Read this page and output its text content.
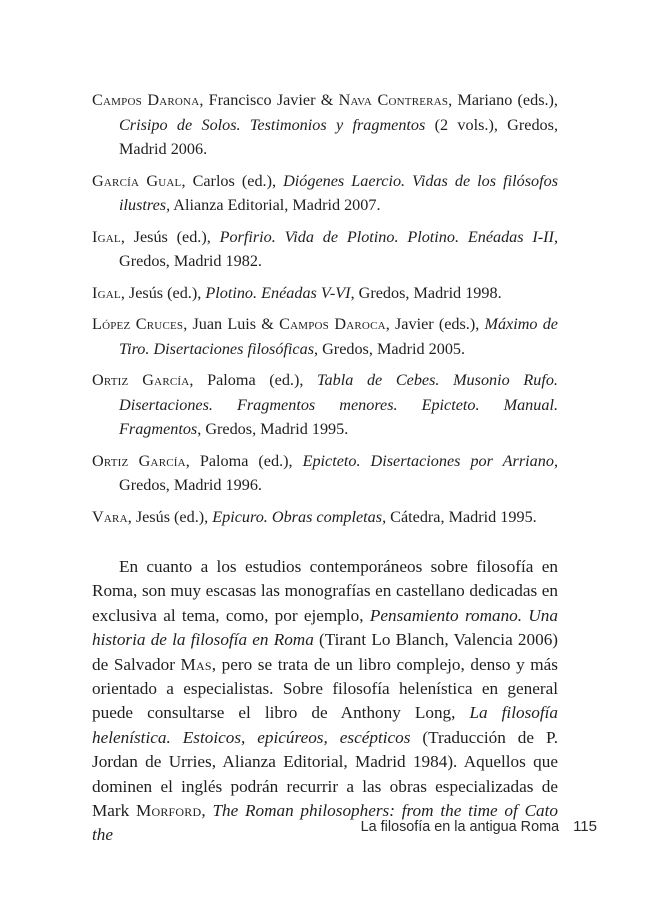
Campos Darona, Francisco Javier & Nava Contreras, Mariano (eds.), Crisipo de Solos. Testimonios y fragmentos (2 vols.), Gredos, Madrid 2006.
García Gual, Carlos (ed.), Diógenes Laercio. Vidas de los filósofos ilustres, Alianza Editorial, Madrid 2007.
Igal, Jesús (ed.), Porfirio. Vida de Plotino. Plotino. Enéadas I-II, Gredos, Madrid 1982.
Igal, Jesús (ed.), Plotino. Enéadas V-VI, Gredos, Madrid 1998.
López Cruces, Juan Luis & Campos Daroca, Javier (eds.), Máximo de Tiro. Disertaciones filosóficas, Gredos, Madrid 2005.
Ortiz García, Paloma (ed.), Tabla de Cebes. Musonio Rufo. Disertaciones. Fragmentos menores. Epicteto. Manual. Fragmentos, Gredos, Madrid 1995.
Ortiz García, Paloma (ed.), Epicteto. Disertaciones por Arriano, Gredos, Madrid 1996.
Vara, Jesús (ed.), Epicuro. Obras completas, Cátedra, Madrid 1995.

En cuanto a los estudios contemporáneos sobre filosofía en Roma, son muy escasas las monografías en castellano dedicadas en exclusiva al tema, como, por ejemplo, Pensamiento romano. Una historia de la filosofía en Roma (Tirant Lo Blanch, Valencia 2006) de Salvador Mas, pero se trata de un libro complejo, denso y más orientado a especialistas. Sobre filosofía helenística en general puede consultarse el libro de Anthony Long, La filosofía helenística. Estoicos, epicúreos, escépticos (Traducción de P. Jordan de Urries, Alianza Editorial, Madrid 1984). Aquellos que dominen el inglés podrán recurrir a las obras especializadas de Mark Morford, The Roman philosophers: from the time of Cato the	La filosofía en la antigua Roma 115
